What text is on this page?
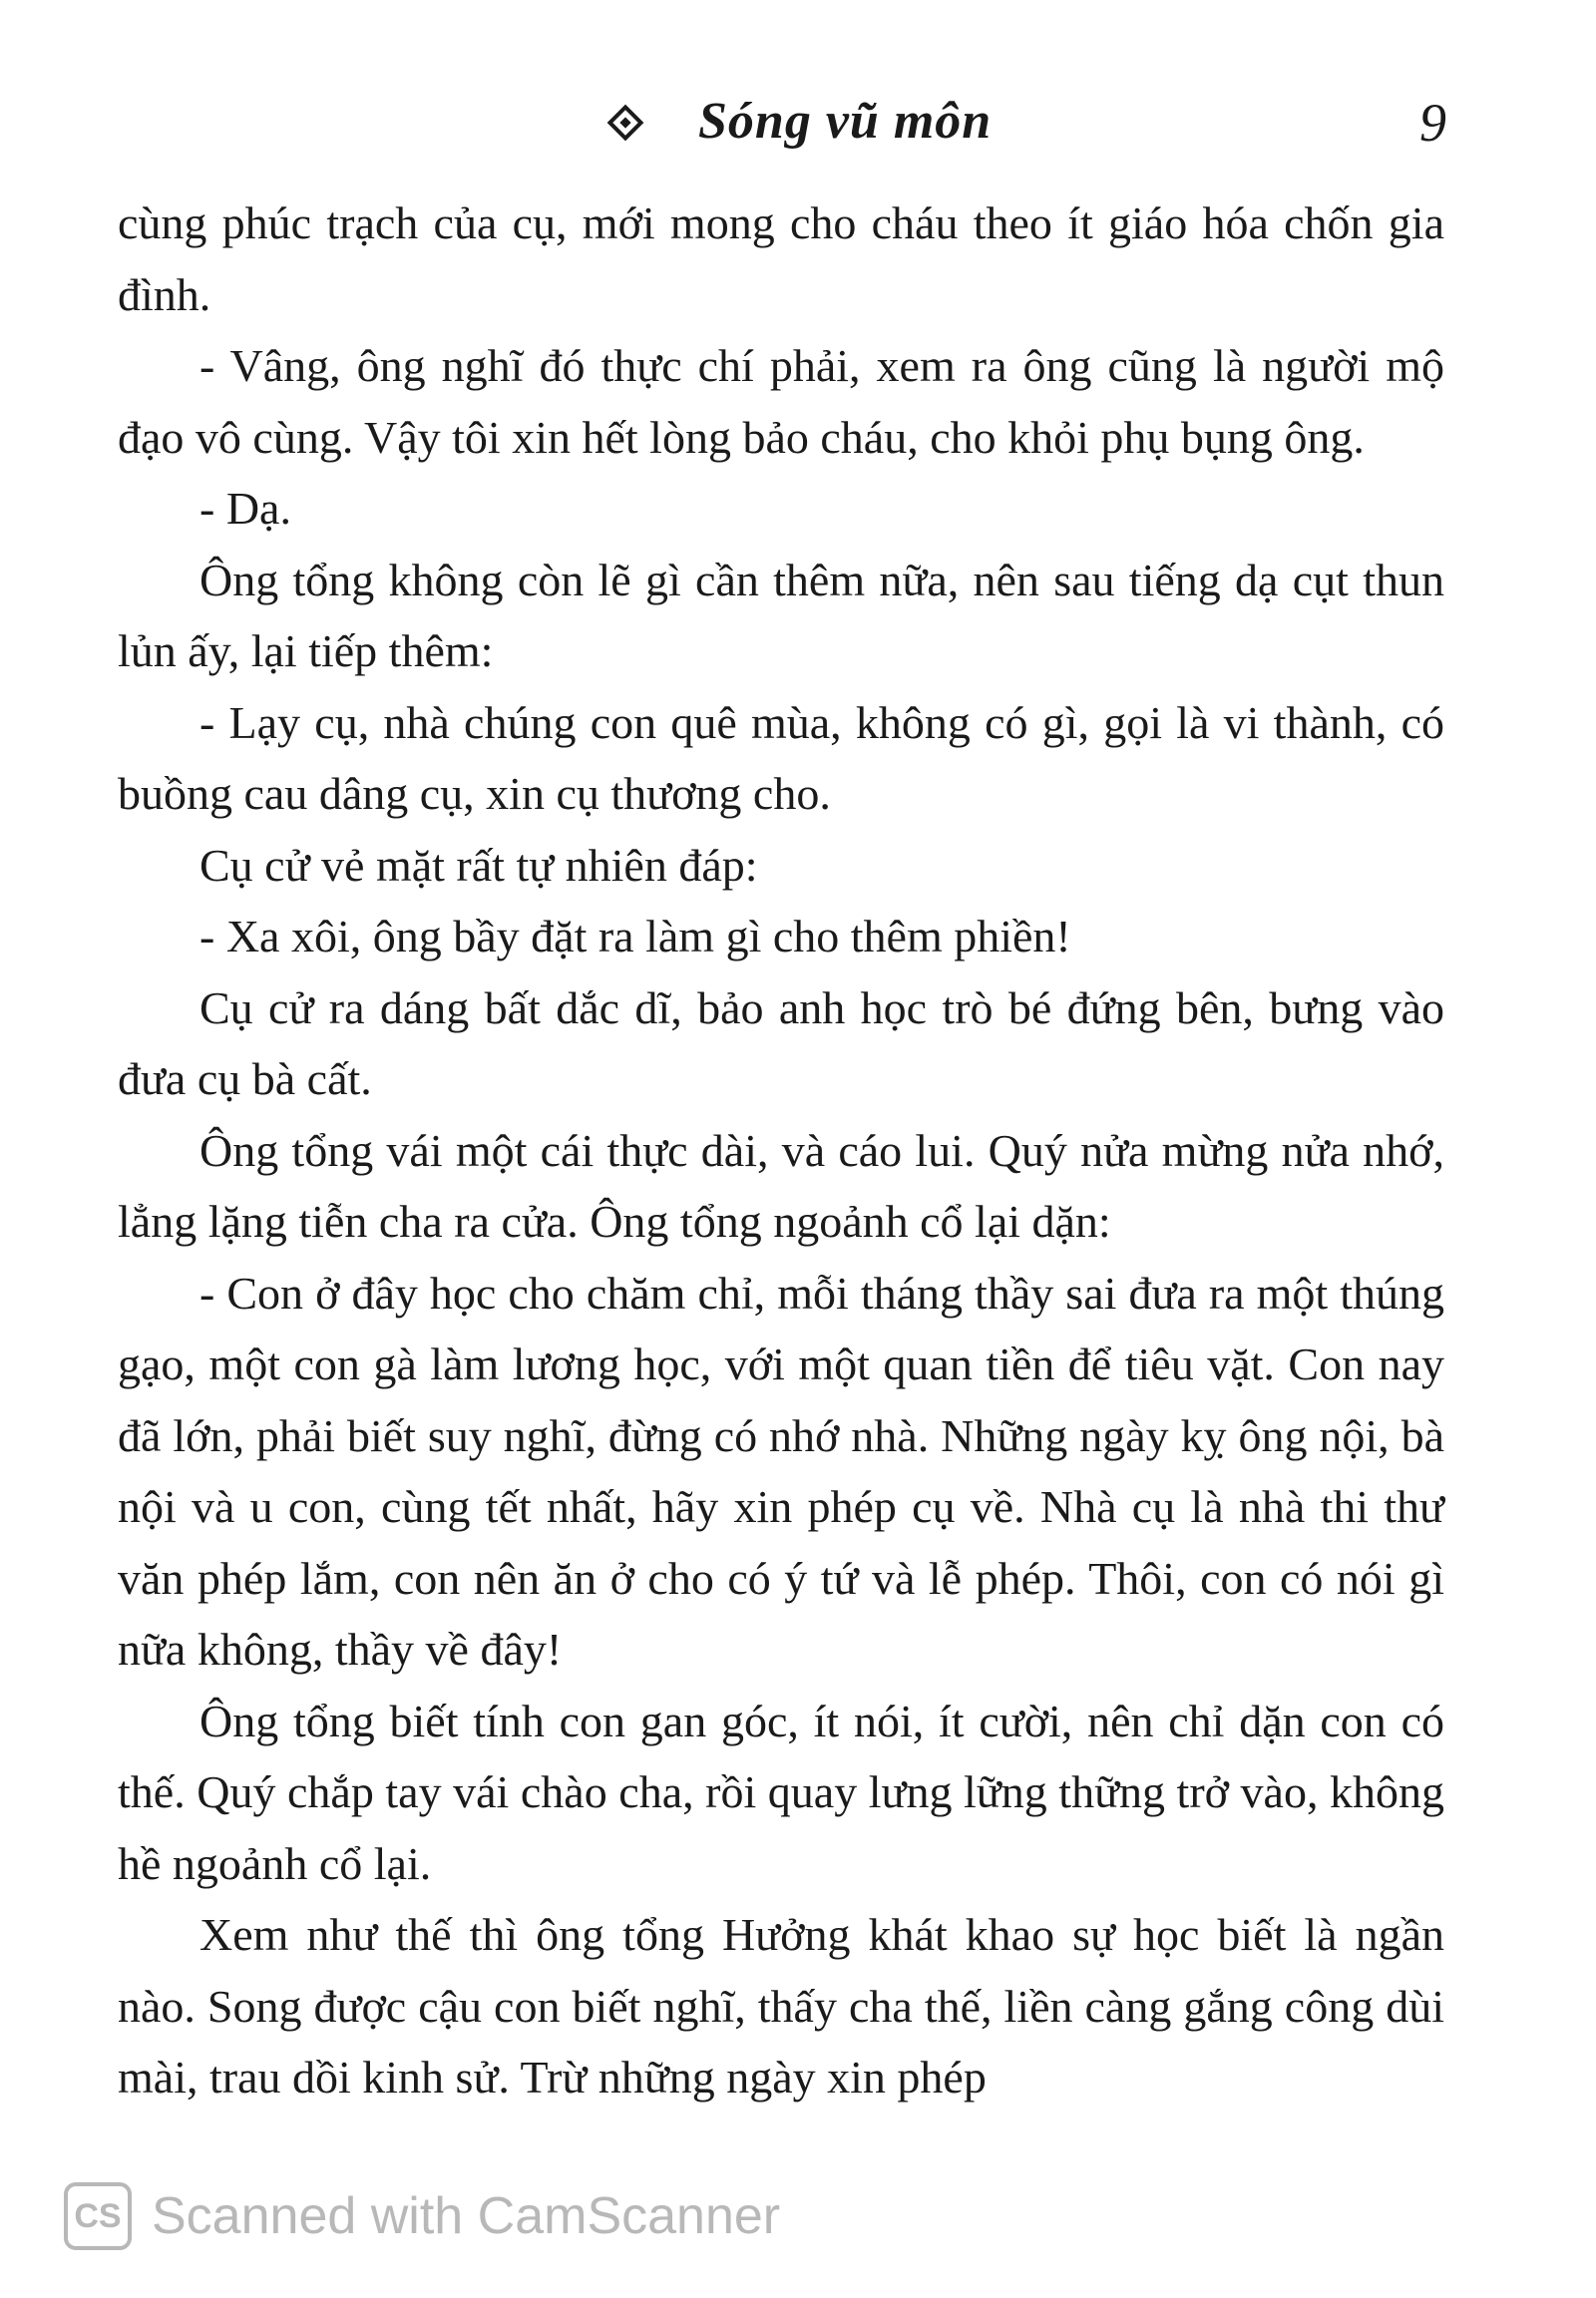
Sóng vũ môn	9

cùng phúc trạch của cụ, mới mong cho cháu theo ít giáo hóa chốn gia đình.

- Vâng, ông nghĩ đó thực chí phải, xem ra ông cũng là người mộ đạo vô cùng. Vậy tôi xin hết lòng bảo cháu, cho khỏi phụ bụng ông.

- Dạ.

Ông tổng không còn lẽ gì cần thêm nữa, nên sau tiếng dạ cụt thun lủn ấy, lại tiếp thêm:

- Lạy cụ, nhà chúng con quê mùa, không có gì, gọi là vi thành, có buồng cau dâng cụ, xin cụ thương cho.

Cụ cử vẻ mặt rất tự nhiên đáp:

- Xa xôi, ông bầy đặt ra làm gì cho thêm phiền!

Cụ cử ra dáng bất dắc dĩ, bảo anh học trò bé đứng bên, bưng vào đưa cụ bà cất.

Ông tổng vái một cái thực dài, và cáo lui. Quý nửa mừng nửa nhớ, lẳng lặng tiễn cha ra cửa. Ông tổng ngoảnh cổ lại dặn:

- Con ở đây học cho chăm chỉ, mỗi tháng thầy sai đưa ra một thúng gạo, một con gà làm lương học, với một quan tiền để tiêu vặt. Con nay đã lớn, phải biết suy nghĩ, đừng có nhớ nhà. Những ngày kỵ ông nội, bà nội và u con, cùng tết nhất, hãy xin phép cụ về. Nhà cụ là nhà thi thư văn phép lắm, con nên ăn ở cho có ý tứ và lễ phép. Thôi, con có nói gì nữa không, thầy về đây!

Ông tổng biết tính con gan góc, ít nói, ít cười, nên chỉ dặn con có thế. Quý chắp tay vái chào cha, rồi quay lưng lững thững trở vào, không hề ngoảnh cổ lại.

Xem như thế thì ông tổng Hưởng khát khao sự học biết là ngần nào. Song được cậu con biết nghĩ, thấy cha thế, liền càng gắng công dùi mài, trau dồi kinh sử. Trừ những ngày xin phép

CS Scanned with CamScanner
